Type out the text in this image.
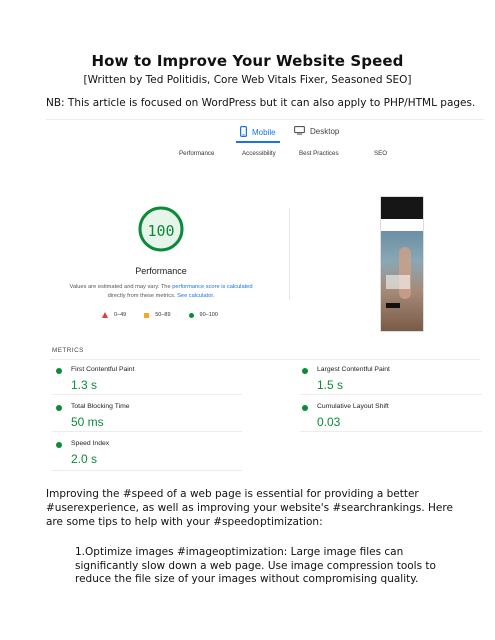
How to Improve Your Website Speed
[Written by Ted Politidis, Core Web Vitals Fixer, Seasoned SEO]
NB: This article is focused on WordPress but it can also apply to PHP/HTML pages.
Mobile	Desktop
Performance	Accessibility	Best Practices	SEO
100
Performance
Values are estimated and may vary. The performance score is calculated
directly from these metrics. See calculator.
0–49	50–89	90–100
METRICS
First Contentful Paint
1.3 s
Largest Contentful Paint
1.5 s
Total Blocking Time
50 ms
Cumulative Layout Shift
0.03
Speed Index
2.0 s
Improving the #speed of a web page is essential for providing a better #userexperience, as well as improving your website's #searchrankings. Here are some tips to help with your #speedoptimization:
1.Optimize images #imageoptimization: Large image files can significantly slow down a web page. Use image compression tools to reduce the file size of your images without compromising quality.
